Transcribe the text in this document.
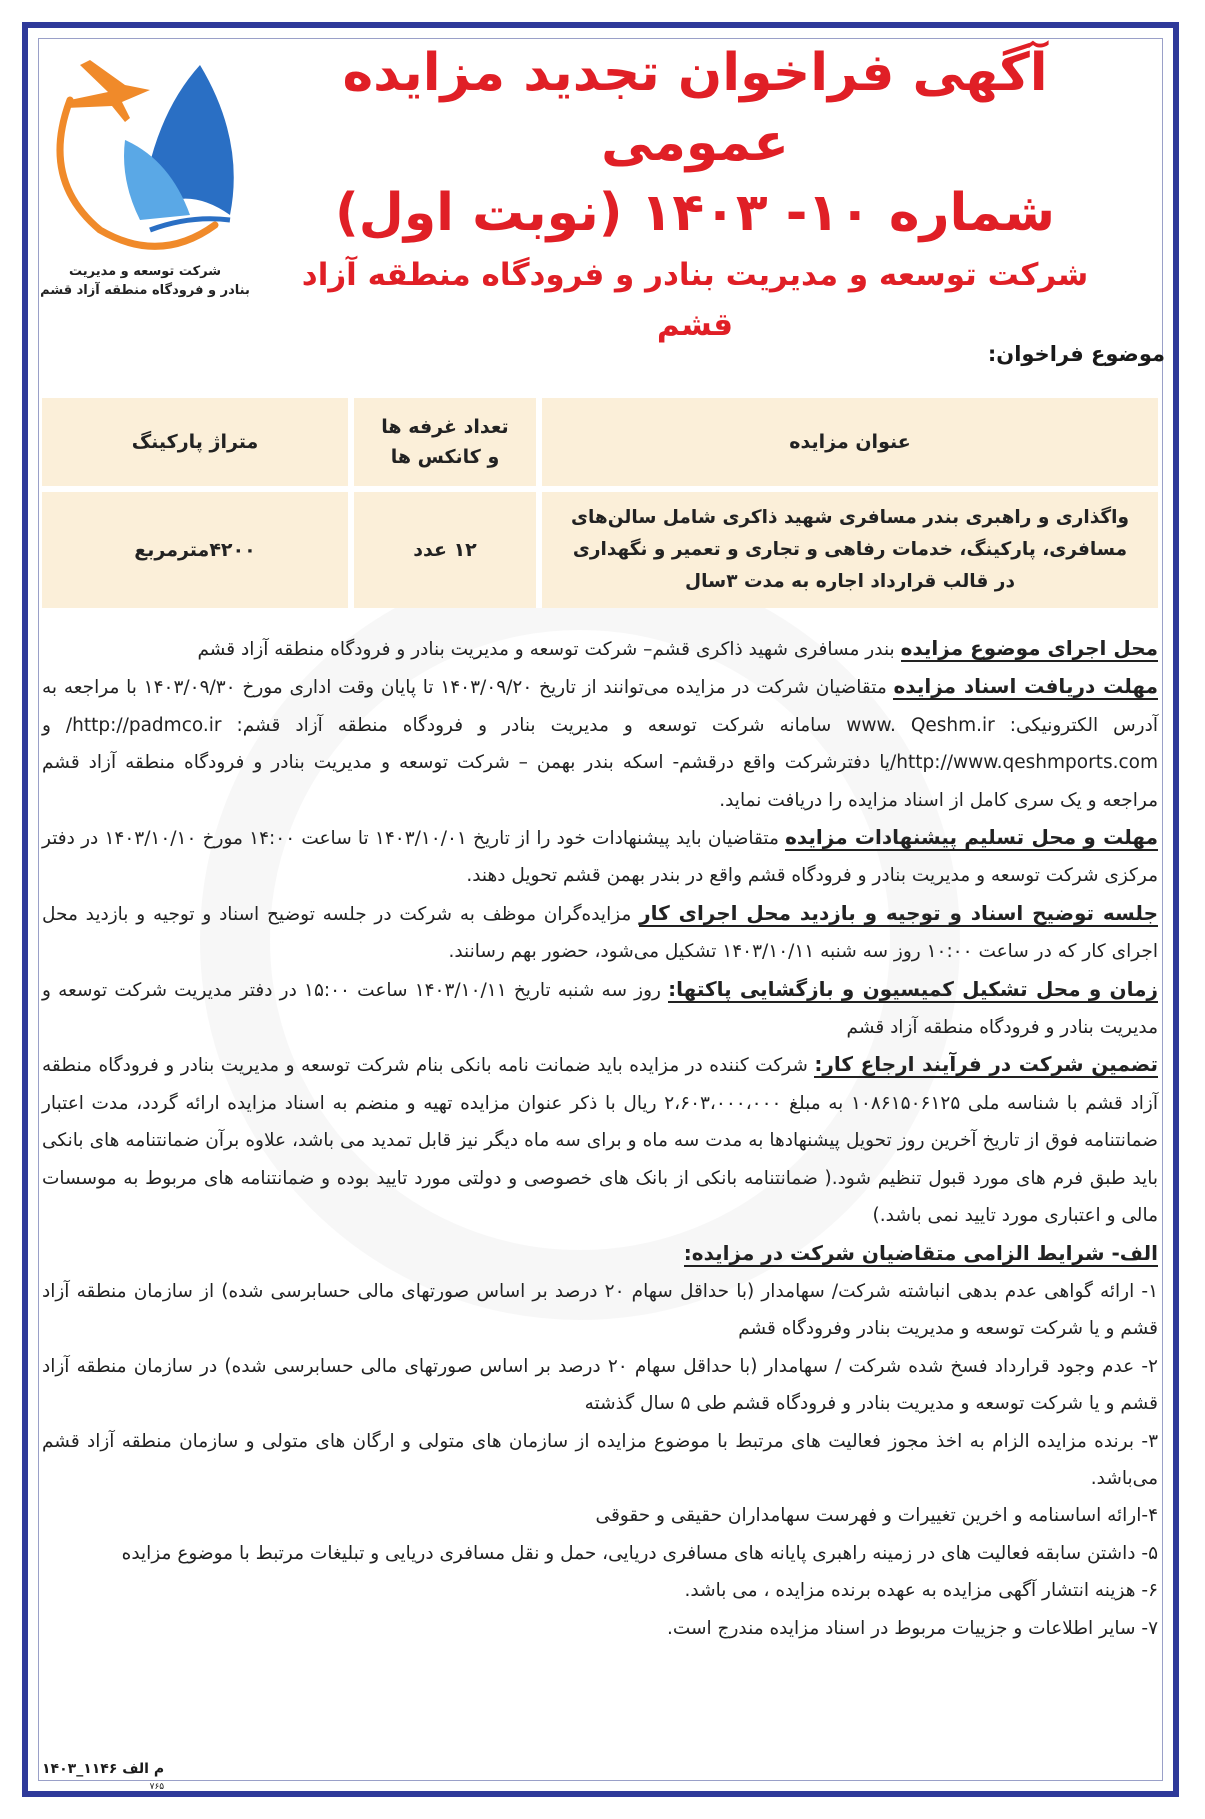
شرکت توسعه و مدیریت
بنادر و فرودگاه منطقه آزاد قشم
آگهی فراخوان تجدید مزایده عمومی
شماره ۱۰- ۱۴۰۳ (نوبت اول)
شرکت توسعه و مدیریت بنادر و فرودگاه منطقه آزاد قشم
موضوع فراخوان:
عنوان مزایده
تعداد غرفه ها و کانکس ها
متراژ پارکینگ
واگذاری و راهبری بندر مسافری شهید ذاکری شامل سالن‌های مسافری، پارکینگ، خدمات رفاهی و تجاری و تعمیر و نگهداری در قالب قرارداد اجاره به مدت ۳سال
۱۲ عدد
۴۲۰۰مترمربع

محل اجرای موضوع مزایده بندر مسافری شهید ذاکری قشم– شرکت توسعه و مدیریت بنادر و فرودگاه منطقه آزاد قشم

مهلت دریافت اسناد مزایده متقاضیان شرکت در مزایده می‌توانند از تاریخ ۱۴۰۳/۰۹/۲۰ تا پایان وقت اداری مورخ ۱۴۰۳/۰۹/۳۰ با مراجعه به آدرس الکترونیکی: www. Qeshm.ir سامانه شرکت توسعه و مدیریت بنادر و فرودگاه منطقه آزاد قشم: http://padmco.ir/ و http://www.qeshmports.com/یا دفترشرکت واقع درقشم- اسکه بندر بهمن – شرکت توسعه و مدیریت بنادر و فرودگاه منطقه آزاد قشم مراجعه و یک سری کامل از اسناد مزایده را دریافت نماید.

مهلت و محل تسلیم پیشنهادات مزایده متقاضیان باید پیشنهادات خود را از تاریخ ۱۴۰۳/۱۰/۰۱ تا ساعت ۱۴:۰۰ مورخ ۱۴۰۳/۱۰/۱۰ در دفتر مرکزی شرکت توسعه و مدیریت بنادر و فرودگاه قشم واقع در بندر بهمن قشم تحویل دهند.

جلسه توضیح اسناد و توجیه و بازدید محل اجرای کار مزایده‌گران موظف به شرکت در جلسه توضیح اسناد و توجیه و بازدید محل اجرای کار که در ساعت ۱۰:۰۰ روز سه شنبه ۱۴۰۳/۱۰/۱۱ تشکیل می‌شود، حضور بهم رسانند.

زمان و محل تشکیل کمیسیون و بازگشایی پاکتها: روز سه شنبه تاریخ ۱۴۰۳/۱۰/۱۱ ساعت ۱۵:۰۰ در دفتر مدیریت شرکت توسعه و مدیریت بنادر و فرودگاه منطقه آزاد قشم

تضمین شرکت در فرآیند ارجاع کار: شرکت کننده در مزایده باید ضمانت نامه بانکی بنام شرکت توسعه و مدیریت بنادر و فرودگاه منطقه آزاد قشم با شناسه ملی ۱۰۸۶۱۵۰۶۱۲۵ به مبلغ ۲،۶۰۳،۰۰۰،۰۰۰ ریال با ذکر عنوان مزایده تهیه و منضم به اسناد مزایده ارائه گردد، مدت اعتبار ضمانتنامه فوق از تاریخ آخرین روز تحویل پیشنهادها به مدت سه ماه و برای سه ماه دیگر نیز قابل تمدید می باشد، علاوه برآن ضمانتنامه های بانکی باید طبق فرم های مورد قبول تنظیم شود.( ضمانتنامه بانکی از بانک های خصوصی و دولتی مورد تایید بوده و ضمانتنامه های مربوط به موسسات مالی و اعتباری مورد تایید نمی باشد.)

الف- شرایط الزامی متقاضیان شرکت در مزایده:

۱- ارائه گواهی عدم بدهی انباشته شرکت/ سهامدار (با حداقل سهام ۲۰ درصد بر اساس صورتهای مالی حسابرسی شده) از سازمان منطقه آزاد قشم و یا شرکت توسعه و مدیریت بنادر وفرودگاه قشم

۲- عدم وجود قرارداد فسخ شده شرکت / سهامدار (با حداقل سهام ۲۰ درصد بر اساس صورتهای مالی حسابرسی شده) در سازمان منطقه آزاد قشم و یا شرکت توسعه و مدیریت بنادر و فرودگاه قشم طی ۵ سال گذشته

۳- برنده مزایده الزام به اخذ مجوز فعالیت های مرتبط با موضوع مزایده از سازمان های متولی و ارگان های متولی و سازمان منطقه آزاد قشم می‌باشد.

۴-ارائه اساسنامه و اخرین تغییرات و فهرست سهامداران حقیقی و حقوقی

۵- داشتن سابقه فعالیت های در زمینه راهبری پایانه های مسافری دریایی، حمل و نقل مسافری دریایی و تبلیغات مرتبط با موضوع مزایده

۶- هزینه انتشار آگهی مزایده به عهده برنده مزایده ، می باشد.

۷- سایر اطلاعات و جزییات مربوط در اسناد مزایده مندرج است.

م الف ۱۱۴۶_۱۴۰۳
۷۶۵
